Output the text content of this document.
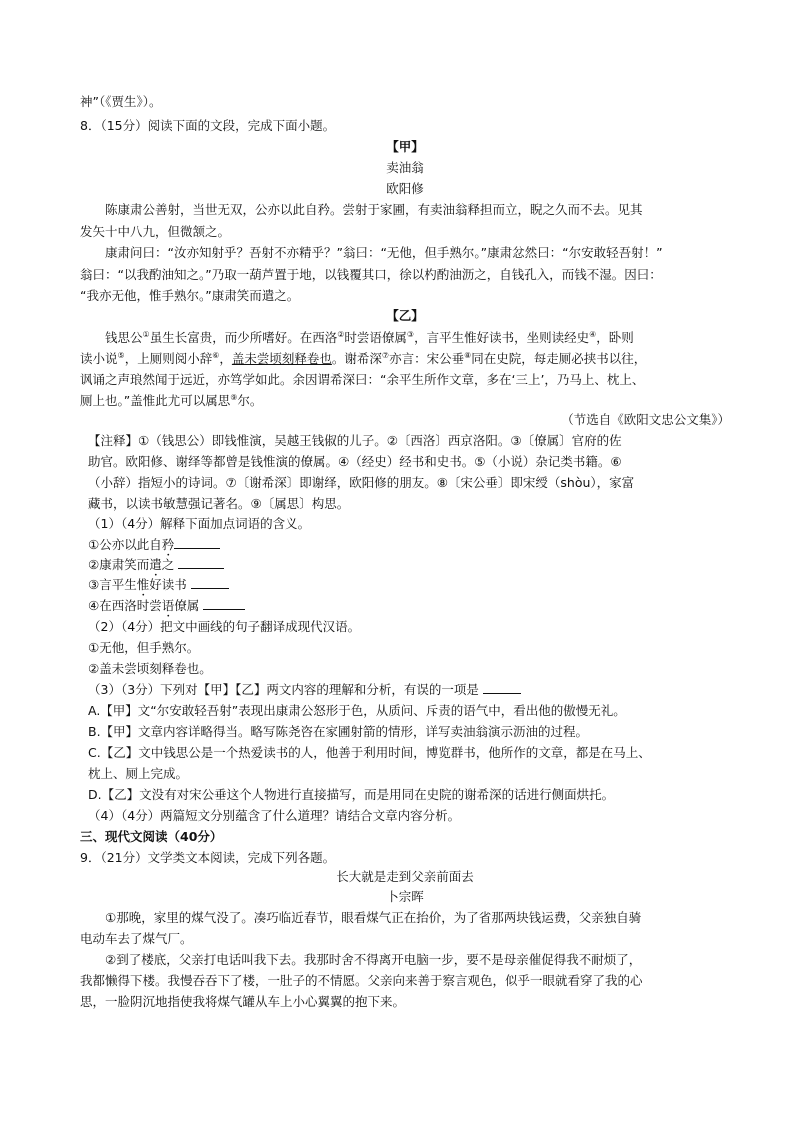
神”（《贾生》）。
8．（15分）阅读下面的文段，完成下面小题。
【甲】
卖油翁
欧阳修
陈康肃公善射，当世无双，公亦以此自矜。尝射于家圃，有卖油翁释担而立，睨之久而不去。见其
发矢十中八九，但微颔之。
康肃问曰：“汝亦知射乎？吾射不亦精乎？”翁曰：“无他，但手熟尔。”康肃忿然曰：“尔安敢轻吾射！”
翁曰：“以我酌油知之。”乃取一葫芦置于地，以钱覆其口，徐以杓酌油沥之，自钱孔入，而钱不湿。因曰：
“我亦无他，惟手熟尔。”康肃笑而遣之。
【乙】
钱思公①虽生长富贵，而少所嗜好。在西洛②时尝语僚属③，言平生惟好读书，坐则读经史④，卧则
读小说⑤，上厕则阅小辞⑥，盖未尝顷刻释卷也。谢希深⑦亦言：宋公垂⑧同在史院，每走厕必挟书以往，
讽诵之声琅然闻于远近，亦笃学如此。余因谓希深曰：“余平生所作文章，多在‘三上’，乃马上、枕上、
厕上也。”盖惟此尤可以属思⑨尔。
（节选自《欧阳文忠公文集》）
【注释】①（钱思公）即钱惟演，吴越王钱俶的儿子。②〔西洛〕西京洛阳。③〔僚属〕官府的佐
助官。欧阳修、谢绎等都曾是钱惟演的僚属。④（经史）经书和史书。⑤（小说）杂记类书籍。⑥
（小辞）指短小的诗词。⑦〔谢希深〕即谢绎，欧阳修的朋友。⑧〔宋公垂〕即宋绶（shòu），家富
藏书，以读书敏慧强记著名。⑨〔属思〕构思。
（1）（4分）解释下面加点词语的含义。
①公亦以此自矜
②康肃笑而遣之
③言平生惟好读书
④在西洛时尝语僚属
（2）（4分）把文中画线的句子翻译成现代汉语。
①无他，但手熟尔。
②盖未尝顷刻释卷也。
（3）（3分）下列对【甲】【乙】两文内容的理解和分析，有误的一项是
A.【甲】文“尔安敢轻吾射”表现出康肃公怒形于色，从质问、斥责的语气中，看出他的傲慢无礼。
B.【甲】文章内容详略得当。略写陈尧咨在家圃射箭的情形，详写卖油翁演示沥油的过程。
C.【乙】文中钱思公是一个热爱读书的人，他善于利用时间，博览群书，他所作的文章，都是在马上、
枕上、厕上完成。
D.【乙】文没有对宋公垂这个人物进行直接描写，而是用同在史院的谢希深的话进行侧面烘托。
（4）（4分）两篇短文分别蕴含了什么道理？请结合文章内容分析。
三、现代文阅读（40分）
9．（21分）文学类文本阅读，完成下列各题。
长大就是走到父亲前面去
卜宗晖
①那晚，家里的煤气没了。凑巧临近春节，眼看煤气正在抬价，为了省那两块钱运费，父亲独自骑
电动车去了煤气厂。
②到了楼底，父亲打电话叫我下去。我那时舍不得离开电脑一步，要不是母亲催促得我不耐烦了，
我都懒得下楼。我慢吞吞下了楼，一肚子的不情愿。父亲向来善于察言观色，似乎一眼就看穿了我的心
思，一脸阴沉地指使我将煤气罐从车上小心翼翼的抱下来。
